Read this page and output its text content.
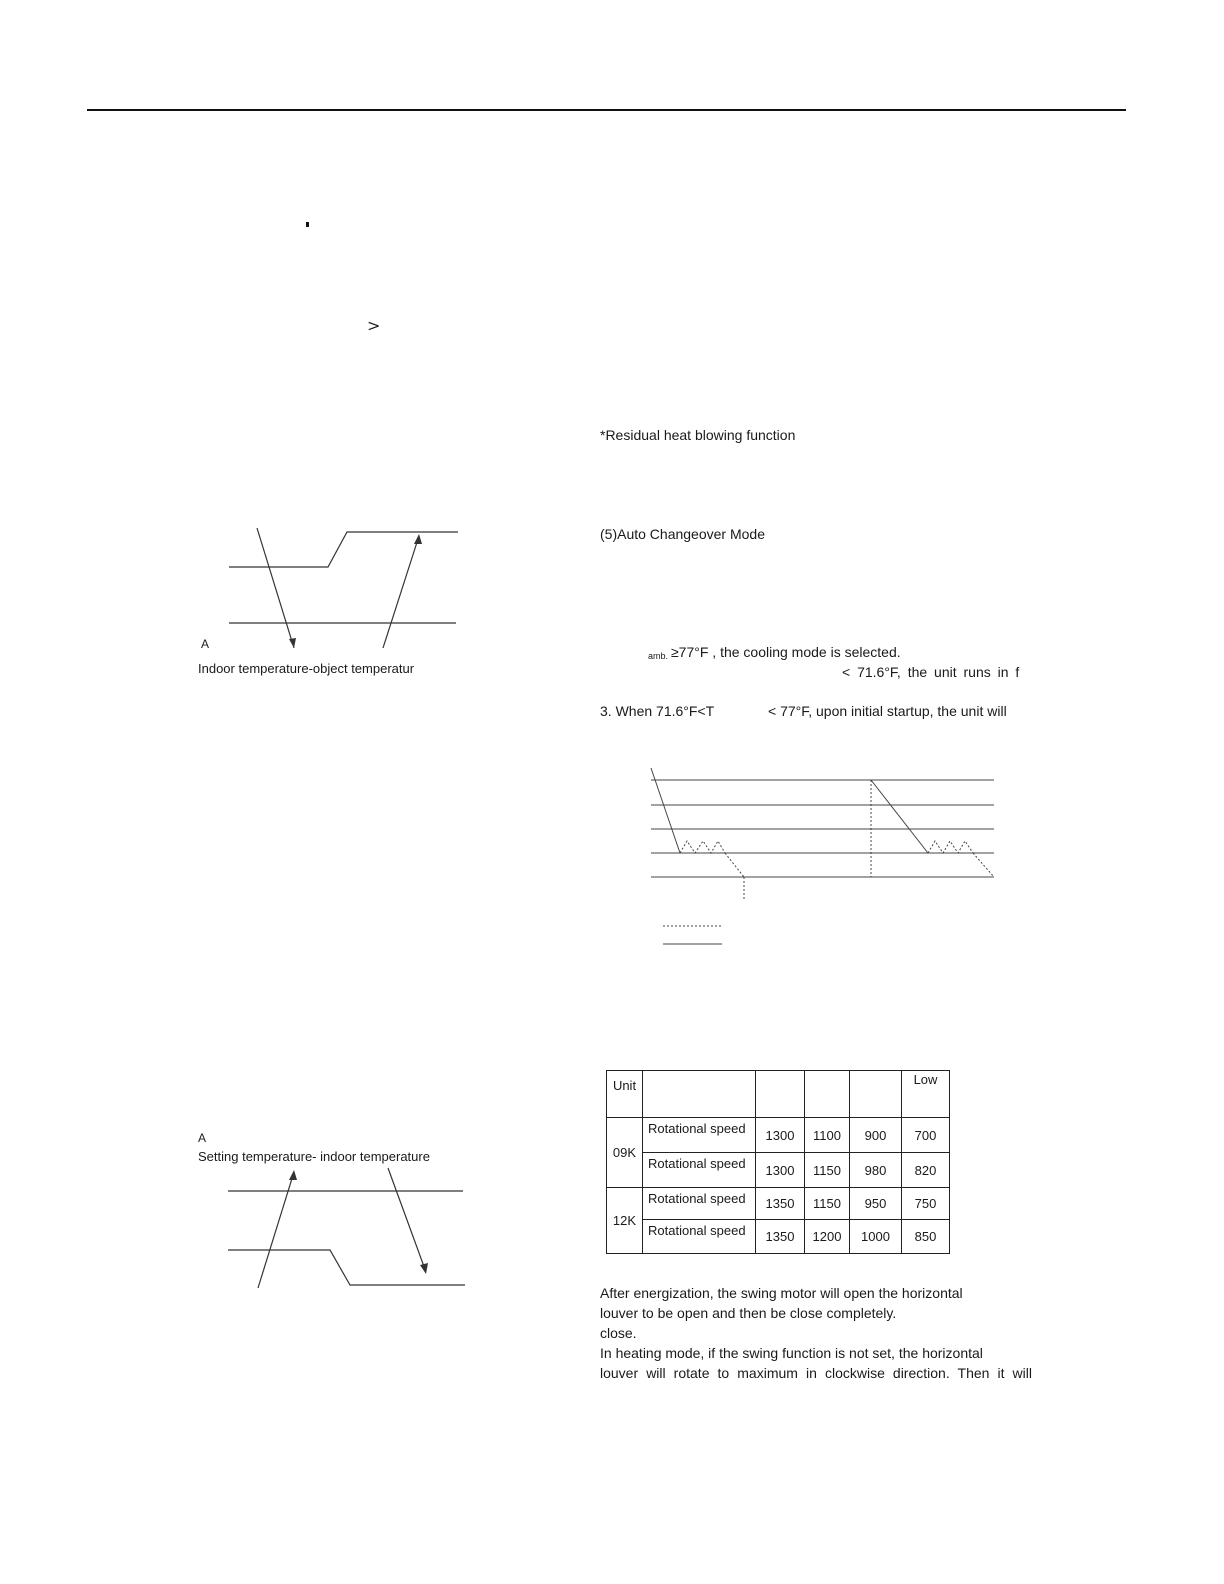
>
A
Indoor temperature-object temperatur
A
Setting temperature- indoor temperature
*Residual heat blowing function
(5)Auto Changeover Mode
amb. ≥77°F , the cooling mode is selected.
< 71.6°F, the unit runs in f
3. When 71.6°F<T	< 77°F, upon initial startup, the unit will
Unit					Low
09K	Rotational speed	1300	1100	900	700
	Rotational speed	1300	1150	980	820
12K	Rotational speed	1350	1150	950	750
	Rotational speed	1350	1200	1000	850
After energization, the swing motor will open the horizontal
louver to be open and then be close completely.
close.
In heating mode, if the swing function is not set, the horizontal
louver will rotate to maximum in clockwise direction. Then it will
